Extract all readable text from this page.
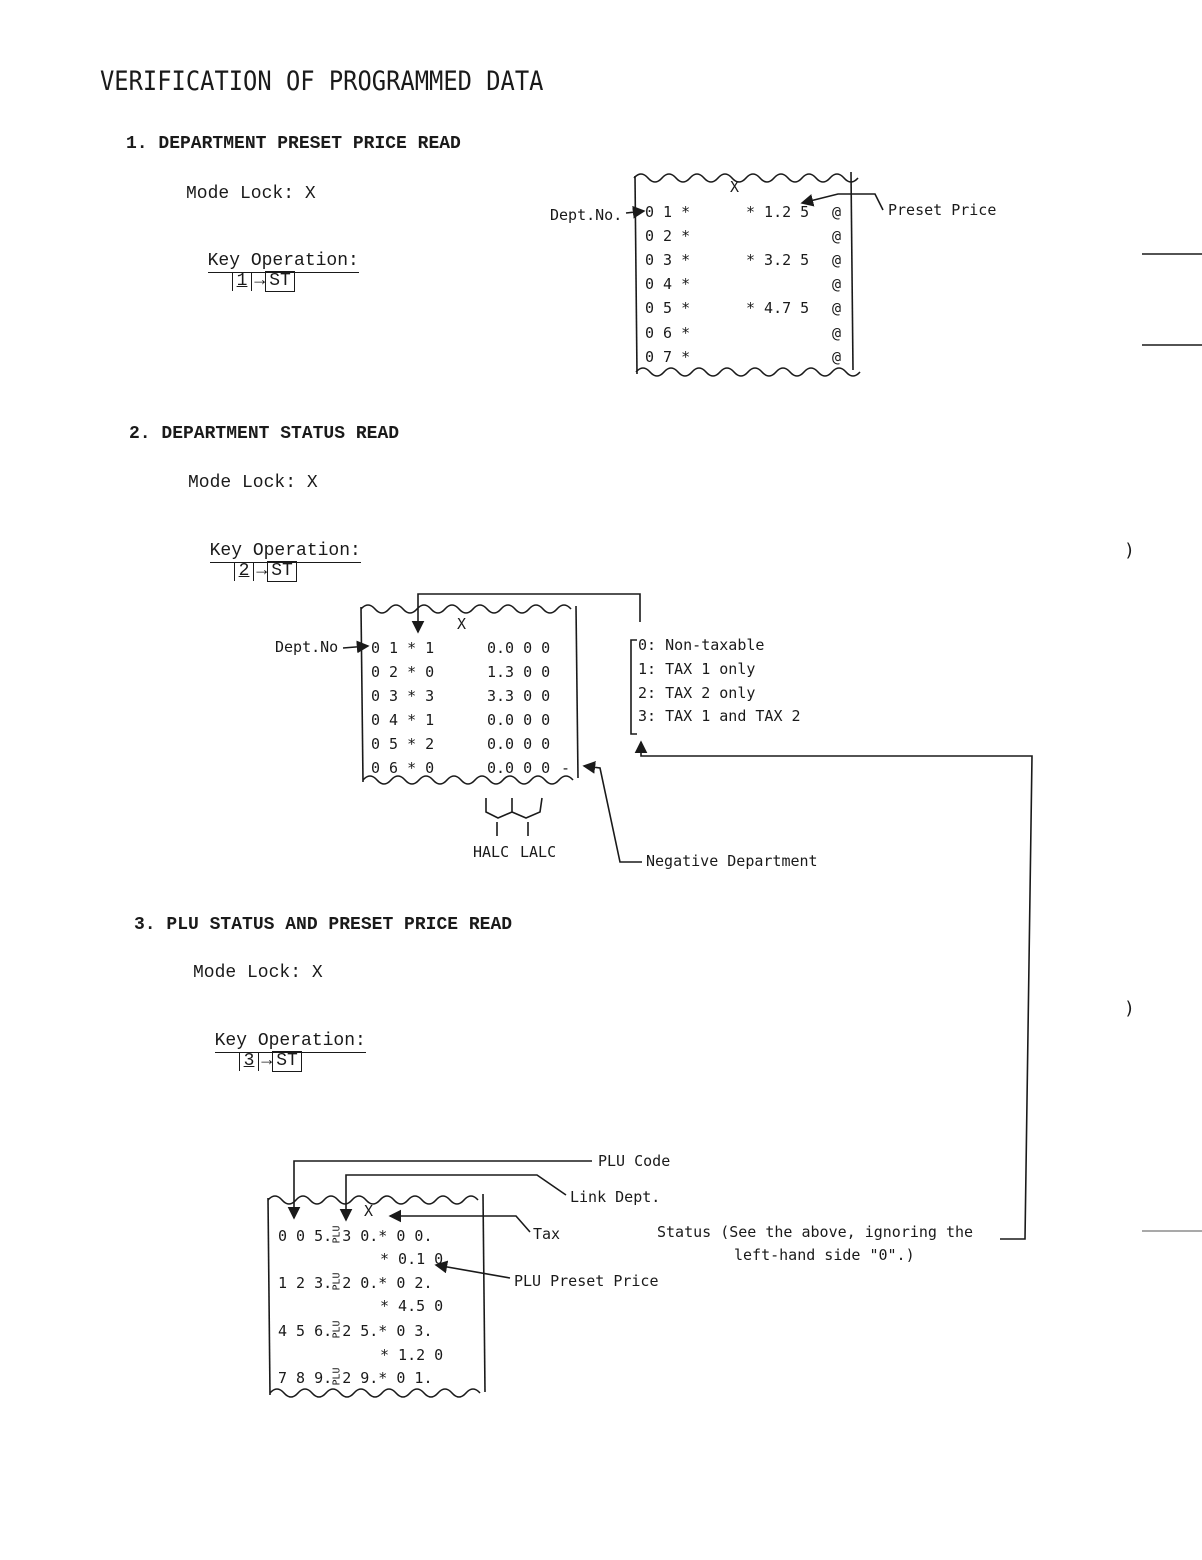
VERIFICATION OF PROGRAMMED DATA
1. DEPARTMENT PRESET PRICE READ
Mode Lock: X

Key Operation:
1 → ST

X
Dept.No.	Preset Price
0 1 *	* 1.2 5 @
0 2 *	@
0 3 *	* 3.2 5 @
0 4 *	@
0 5 *	* 4.7 5 @
0 6 *	@
0 7 *	@
2. DEPARTMENT STATUS READ
Mode Lock: X

Key Operation:
2 → ST

X
Dept.No 0 1 * 1	0.0 0 0
0 2 * 0	1.3 0 0
0 3 * 3	3.3 0 0
0 4 * 1	0.0 0 0
0 5 * 2	0.0 0 0
0 6 * 0	0.0 0 0 -
0: Non-taxable
1: TAX 1 only
2: TAX 2 only
3: TAX 1 and TAX 2
HALC LALC	Negative Department
3. PLU STATUS AND PRESET PRICE READ
Mode Lock: X

Key Operation:
3 → ST

PLU Code
Link Dept.
Tax
PLU Preset Price
Status (See the above, ignoring the
left-hand side "0".)
X
0 0 5.PLU3 0.* 0 0.
* 0.1 0
1 2 3.PLU2 0.* 0 2.
* 4.5 0
4 5 6.PLU2 5.* 0 3.
* 1.2 0
7 8 9.PLU2 9.* 0 1.
)
)
